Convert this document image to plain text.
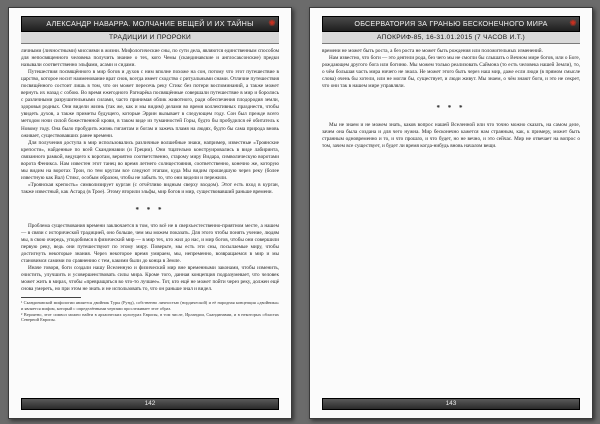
АЛЕКСАНДР НАВАРРА. МОЛЧАНИЕ ВЕЩЕЙ И ИХ ТАЙНЫ	✺
ТРАДИЦИИ И ПРОРОКИ

личными (личностными) миссиями в жизни. Мифологические сны, по сути дела, являются единственным способом для непосвященного человека получить знание о тех, кого Чемы (скандинавские и англосаксонские) предки называли соответственно эльфами, асами и сидами.

Путешествия посвящённого в мир богов и духов с ним вполне похоже на сон, потому что этот путешествие в царство, которое носит наименование врат снов, всегда имеет сходство с ритуальными снами. Отличие путешествия посвящённого состоит лишь в том, что он может пересечь реку Стикс без потери воспоминаний, а также может вернуть их назад с собою. Во время ежегодного Рагнарёка посвящённые совершали путешествие в мир и боролись с различными разрушительными силами, часто принимая облик животного, ради обеспечения плодородия земли, здоровья родных. Они видели жизнь (так же, как и мы видим) делами во время коллективных празднеств, чтобы увидеть духов, а также приметы будущего, которые Эррин вызывает в следующем году. Сон был прежде всего методом ночи силой божественной крови, в таком виде из туманностей Горы, будто бы пробудился её обитатель к Новому году. Она было пробудить жизнь гигантам и богам и зажечь пламя на людях, будто бы сама природа вновь оживает, существовавших ранее времени.

Для получения доступа в мир использовались различные волшебные знаки, например, известные «Троянские крепости», найденные по всей Скандинавии (и Греции). Они тщательно конструировались в виде лабиринта, связанного рамкой, ведущего к воротам, вероятно соответственно, старому миру Видара, символическую воротами ворота Феникса. Нам известен этот танец во время летнего солнцестояния, соответственно, конечно же, которую мы видим на воротах Трои, по тем кругам все следуют этапам, куда Мы видим прошедшую через реку (более известную как Вал) Стикс, особым образом, чтобы не забыть то, что они видели и пережили.

«Троянская крепость» символизирует курган (с отчётливо видным сверху входом). Этот есть вход в курган, также известный, как Асгард (в Трое). Этому вторили эльфы, мир богов и мир, существовавший раньше времени.

* * *

Проблема существования времени заключается в том, что всё не в сверхъестественно-приятном месте, а нашем — в связи с исторической традицией, оно больше, чем мы можем показать. Для этого чтобы понять учение, людям мы, в свою очередь, уподобимся в физический мир — в мир тех, кто жил до нас, и мир богов, чтобы они совершили первую реку, ведь они путешествуют по этому миру. Поверьте, мы есть эти сны, посылаемые миру, чтобы достигнуть некоторые знания. Через некоторое время умираем, мы, непременно, возвращаемся в мир и мы становимся самими по сравнению с тем, какими были до конца в Земле.

Иначе говоря, боги создали нашу Вселенную и физический мир вне временными законами, чтобы изменить, очистить, улучшить и усовершенствовать силы мира. Кроме того, данная концепция подразумевает, что человек может жить в мирах, чтобы «превращаться во что-то лучшее». Тот, кто ещё не может пойти через реку, должен ещё снова умереть, но при этом не знать и не использовать то, что он раньше знал и видел.

¹ Скандинавской мифологии является двойник Туры (Рунд), собственно личностью (нордической) и её народная концепция «двойника» и является мифом, который с определёнными чертами прослеживает этот образ.

² Вероятно, этот символ можно найти в архаических культурах Европы, в том числе, Ирландии, Скандинавии, и в некоторых областях Северной Европы.

142
ОБСЕРВАТОРИЯ ЗА ГРАНЬЮ БЕСКОНЕЧНОГО МИРА	✺
АПОКРИФ-85, 16-31.01.2015 (7 ЧАСОВ И.Т.)

времени не может быть роста, а без роста не может быть рождения или положительных изменений.

Нам известно, что боги — это деятели рода, без чего мы не смогли бы слышать о Вечном мире богов, или о Боге, рождающем другого бога или богиню. Мы можем только реализовать Саймона (то есть человека нашей Земли), то, о чём большая часть мира ничего не знала. Не может этого быть через наш мир, даже если люди (в прямом смысле слова) очень бы хотели, или не могли бы, существует, и люди живут. Мы знаем, о чём знают боги, и это не секрет, что они так в нашем мире управляли.

* * *

Мы не знаем и не можем знать, каков вопрос нашей Вселенной или что точно можно сказать, на самом деле, зачем она была создана и для чего нужна. Мир бесконечно кажется нам странным, как, к примеру, может быть странным одновременно и то, и что прошло, и что будет, но не вечно, и это сейчас. Мир не отвечает на вопрос о том, зачем все существует, и будет ли время когда-нибудь вновь началом вещи.

143
